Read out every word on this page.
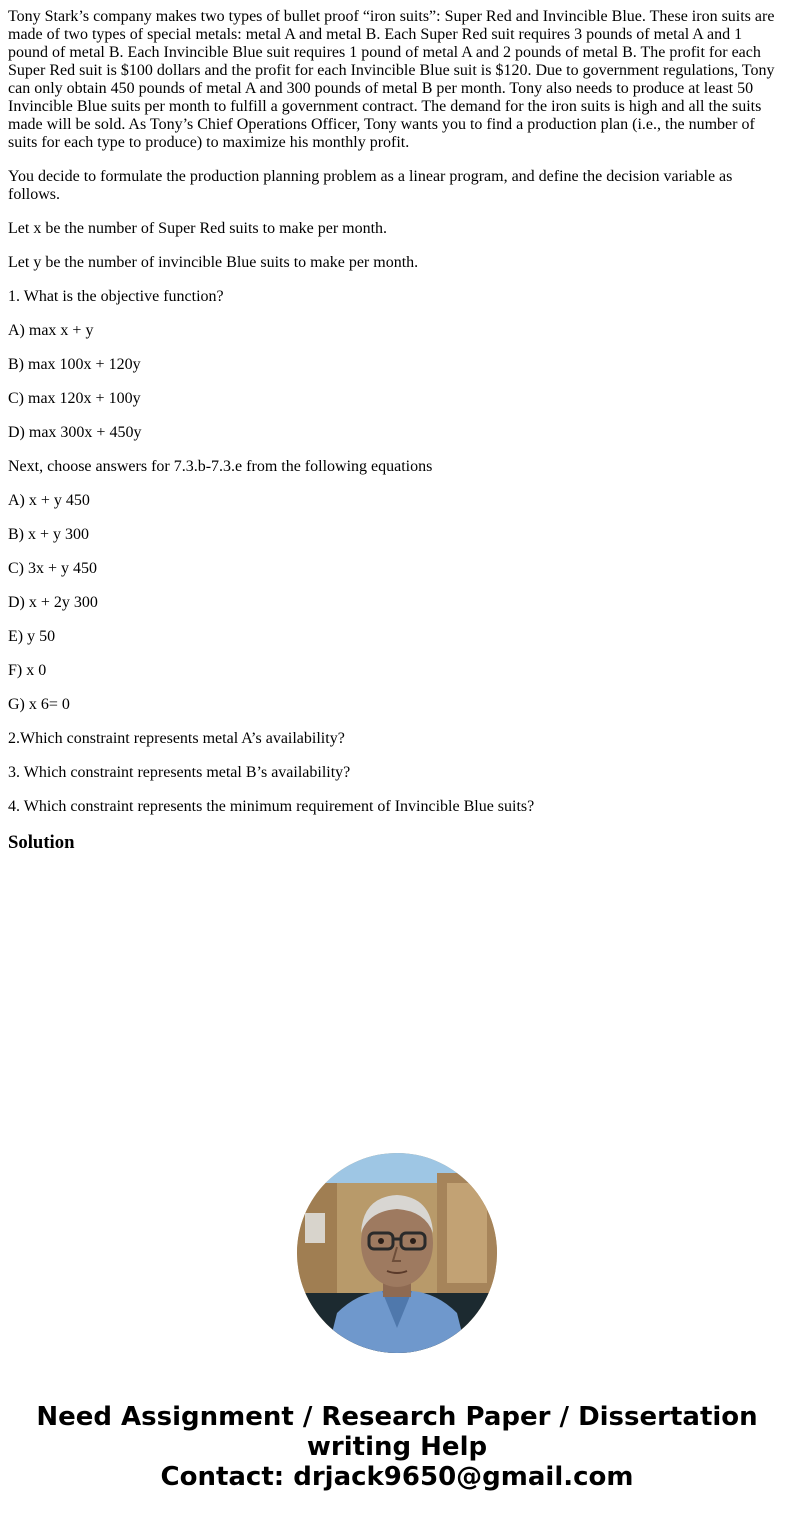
Tony Stark’s company makes two types of bullet proof “iron suits”: Super Red and Invincible Blue. These iron suits are made of two types of special metals: metal A and metal B. Each Super Red suit requires 3 pounds of metal A and 1 pound of metal B. Each Invincible Blue suit requires 1 pound of metal A and 2 pounds of metal B. The profit for each Super Red suit is $100 dollars and the profit for each Invincible Blue suit is $120. Due to government regulations, Tony can only obtain 450 pounds of metal A and 300 pounds of metal B per month. Tony also needs to produce at least 50 Invincible Blue suits per month to fulfill a government contract. The demand for the iron suits is high and all the suits made will be sold. As Tony’s Chief Operations Officer, Tony wants you to find a production plan (i.e., the number of suits for each type to produce) to maximize his monthly profit.

You decide to formulate the production planning problem as a linear program, and define the decision variable as follows.

Let x be the number of Super Red suits to make per month.

Let y be the number of invincible Blue suits to make per month.

1. What is the objective function?

A) max x + y

B) max 100x + 120y

C) max 120x + 100y

D) max 300x + 450y

Next, choose answers for 7.3.b-7.3.e from the following equations

A) x + y 450

B) x + y 300

C) 3x + y 450

D) x + 2y 300

E) y 50

F) x 0

G) x 6= 0

2.Which constraint represents metal A’s availability?

3. Which constraint represents metal B’s availability?

4. Which constraint represents the minimum requirement of Invincible Blue suits?

Solution
Need Assignment / Research Paper / Dissertation
writing Help
Contact: drjack9650@gmail.com
